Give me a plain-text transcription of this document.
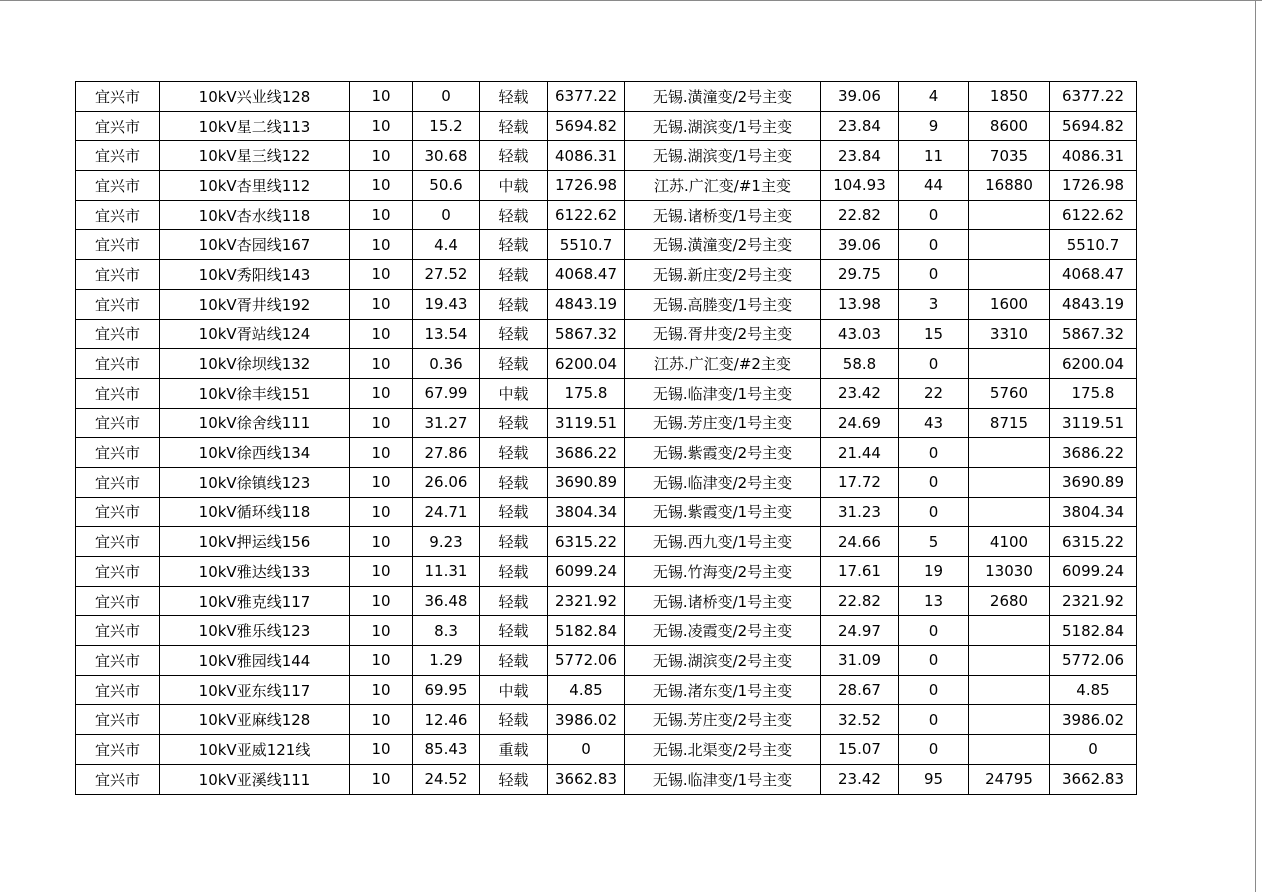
宜兴市	10kV兴业线128	10	0	轻载	6377.22	无锡.潢潼变/2号主变	39.06	4	1850	6377.22
宜兴市	10kV星二线113	10	15.2	轻载	5694.82	无锡.湖滨变/1号主变	23.84	9	8600	5694.82
宜兴市	10kV星三线122	10	30.68	轻载	4086.31	无锡.湖滨变/1号主变	23.84	11	7035	4086.31
宜兴市	10kV杏里线112	10	50.6	中载	1726.98	江苏.广汇变/#1主变	104.93	44	16880	1726.98
宜兴市	10kV杏水线118	10	0	轻载	6122.62	无锡.诸桥变/1号主变	22.82	0		6122.62
宜兴市	10kV杏园线167	10	4.4	轻载	5510.7	无锡.潢潼变/2号主变	39.06	0		5510.7
宜兴市	10kV秀阳线143	10	27.52	轻载	4068.47	无锡.新庄变/2号主变	29.75	0		4068.47
宜兴市	10kV胥井线192	10	19.43	轻载	4843.19	无锡.高塍变/1号主变	13.98	3	1600	4843.19
宜兴市	10kV胥站线124	10	13.54	轻载	5867.32	无锡.胥井变/2号主变	43.03	15	3310	5867.32
宜兴市	10kV徐坝线132	10	0.36	轻载	6200.04	江苏.广汇变/#2主变	58.8	0		6200.04
宜兴市	10kV徐丰线151	10	67.99	中载	175.8	无锡.临津变/1号主变	23.42	22	5760	175.8
宜兴市	10kV徐舍线111	10	31.27	轻载	3119.51	无锡.芳庄变/1号主变	24.69	43	8715	3119.51
宜兴市	10kV徐西线134	10	27.86	轻载	3686.22	无锡.紫霞变/2号主变	21.44	0		3686.22
宜兴市	10kV徐镇线123	10	26.06	轻载	3690.89	无锡.临津变/2号主变	17.72	0		3690.89
宜兴市	10kV循环线118	10	24.71	轻载	3804.34	无锡.紫霞变/1号主变	31.23	0		3804.34
宜兴市	10kV押运线156	10	9.23	轻载	6315.22	无锡.西九变/1号主变	24.66	5	4100	6315.22
宜兴市	10kV雅达线133	10	11.31	轻载	6099.24	无锡.竹海变/2号主变	17.61	19	13030	6099.24
宜兴市	10kV雅克线117	10	36.48	轻载	2321.92	无锡.诸桥变/1号主变	22.82	13	2680	2321.92
宜兴市	10kV雅乐线123	10	8.3	轻载	5182.84	无锡.凌霞变/2号主变	24.97	0		5182.84
宜兴市	10kV雅园线144	10	1.29	轻载	5772.06	无锡.湖滨变/2号主变	31.09	0		5772.06
宜兴市	10kV亚东线117	10	69.95	中载	4.85	无锡.渚东变/1号主变	28.67	0		4.85
宜兴市	10kV亚麻线128	10	12.46	轻载	3986.02	无锡.芳庄变/2号主变	32.52	0		3986.02
宜兴市	10kV亚威121线	10	85.43	重载	0	无锡.北渠变/2号主变	15.07	0		0
宜兴市	10kV亚溪线111	10	24.52	轻载	3662.83	无锡.临津变/1号主变	23.42	95	24795	3662.83
